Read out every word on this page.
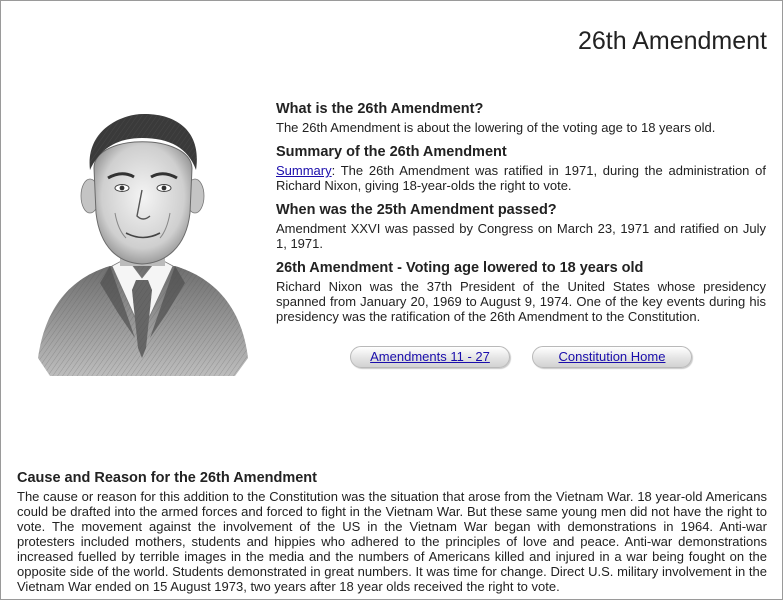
26th Amendment
What is the 26th Amendment?

The 26th Amendment is about the lowering of the voting age to 18 years old.

Summary of the 26th Amendment

Summary: The 26th Amendment was ratified in 1971, during the administration of Richard Nixon, giving 18-year-olds the right to vote.

When was the 25th Amendment passed?

Amendment XXVI was passed by Congress on March 23, 1971 and ratified on July 1, 1971.

26th Amendment - Voting age lowered to 18 years old

Richard Nixon was the 37th President of the United States whose presidency spanned from January 20, 1969 to August 9, 1974. One of the key events during his presidency was the ratification of the 26th Amendment to the Constitution.

Amendments 11 - 27	Constitution Home
Cause and Reason for the 26th Amendment

The cause or reason for this addition to the Constitution was the situation that arose from the Vietnam War. 18 year-old Americans could be drafted into the armed forces and forced to fight in the Vietnam War. But these same young men did not have the right to vote. The movement against the involvement of the US in the Vietnam War began with demonstrations in 1964. Anti-war protesters included mothers, students and hippies who adhered to the principles of love and peace. Anti-war demonstrations increased fuelled by terrible images in the media and the numbers of Americans killed and injured in a war being fought on the opposite side of the world. Students demonstrated in great numbers. It was time for change. Direct U.S. military involvement in the Vietnam War ended on 15 August 1973, two years after 18 year olds received the right to vote.
